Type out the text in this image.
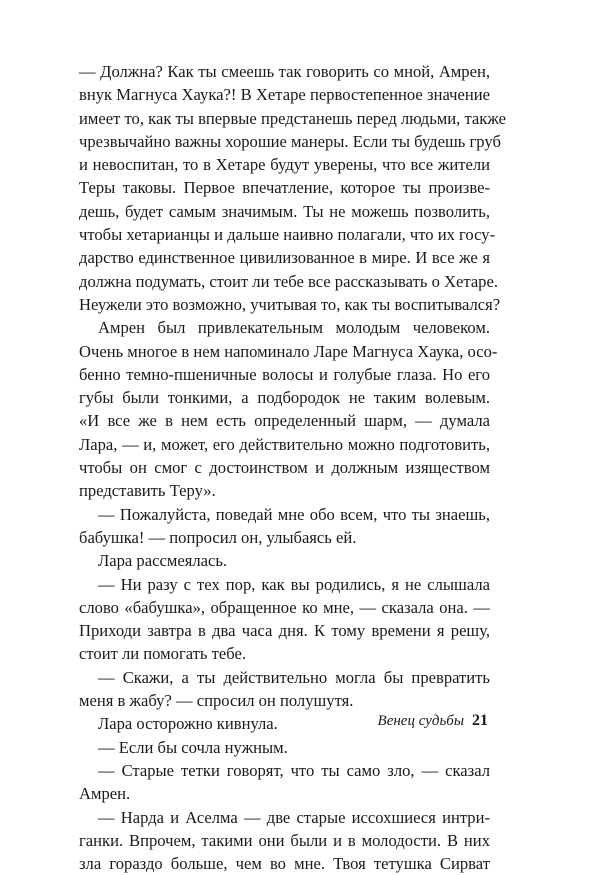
— Должна? Как ты смеешь так говорить со мной, Амрен,
внук Магнуса Хаука?! В Хетаре первостепенное значение
имеет то, как ты впервые предстанешь перед людьми, также
чрезвычайно важны хорошие манеры. Если ты будешь груб
и невоспитан, то в Хетаре будут уверены, что все жители
Теры таковы. Первое впечатление, которое ты произве-
дешь, будет самым значимым. Ты не можешь позволить,
чтобы хетарианцы и дальше наивно полагали, что их госу-
дарство единственное цивилизованное в мире. И все же я
должна подумать, стоит ли тебе все рассказывать о Хетаре.
Неужели это возможно, учитывая то, как ты воспитывался?
Амрен был привлекательным молодым человеком.
Очень многое в нем напоминало Ларе Магнуса Хаука, осо-
бенно темно-пшеничные волосы и голубые глаза. Но его
губы были тонкими, а подбородок не таким волевым.
«И все же в нем есть определенный шарм, — думала
Лара, — и, может, его действительно можно подготовить,
чтобы он смог с достоинством и должным изяществом
представить Теру».
— Пожалуйста, поведай мне обо всем, что ты знаешь,
бабушка! — попросил он, улыбаясь ей.
Лара рассмеялась.
— Ни разу с тех пор, как вы родились, я не слышала
слово «бабушка», обращенное ко мне, — сказала она. —
Приходи завтра в два часа дня. К тому времени я решу,
стоит ли помогать тебе.
— Скажи, а ты действительно могла бы превратить
меня в жабу? — спросил он полушутя.
Лара осторожно кивнула.
— Если бы сочла нужным.
— Старые тетки говорят, что ты само зло, — сказал
Амрен.
— Нарда и Аселма — две старые иссохшиеся интри-
ганки. Впрочем, такими они были и в молодости. В них
зла гораздо больше, чем во мне. Твоя тетушка Сирват
Венец судьбы 21
